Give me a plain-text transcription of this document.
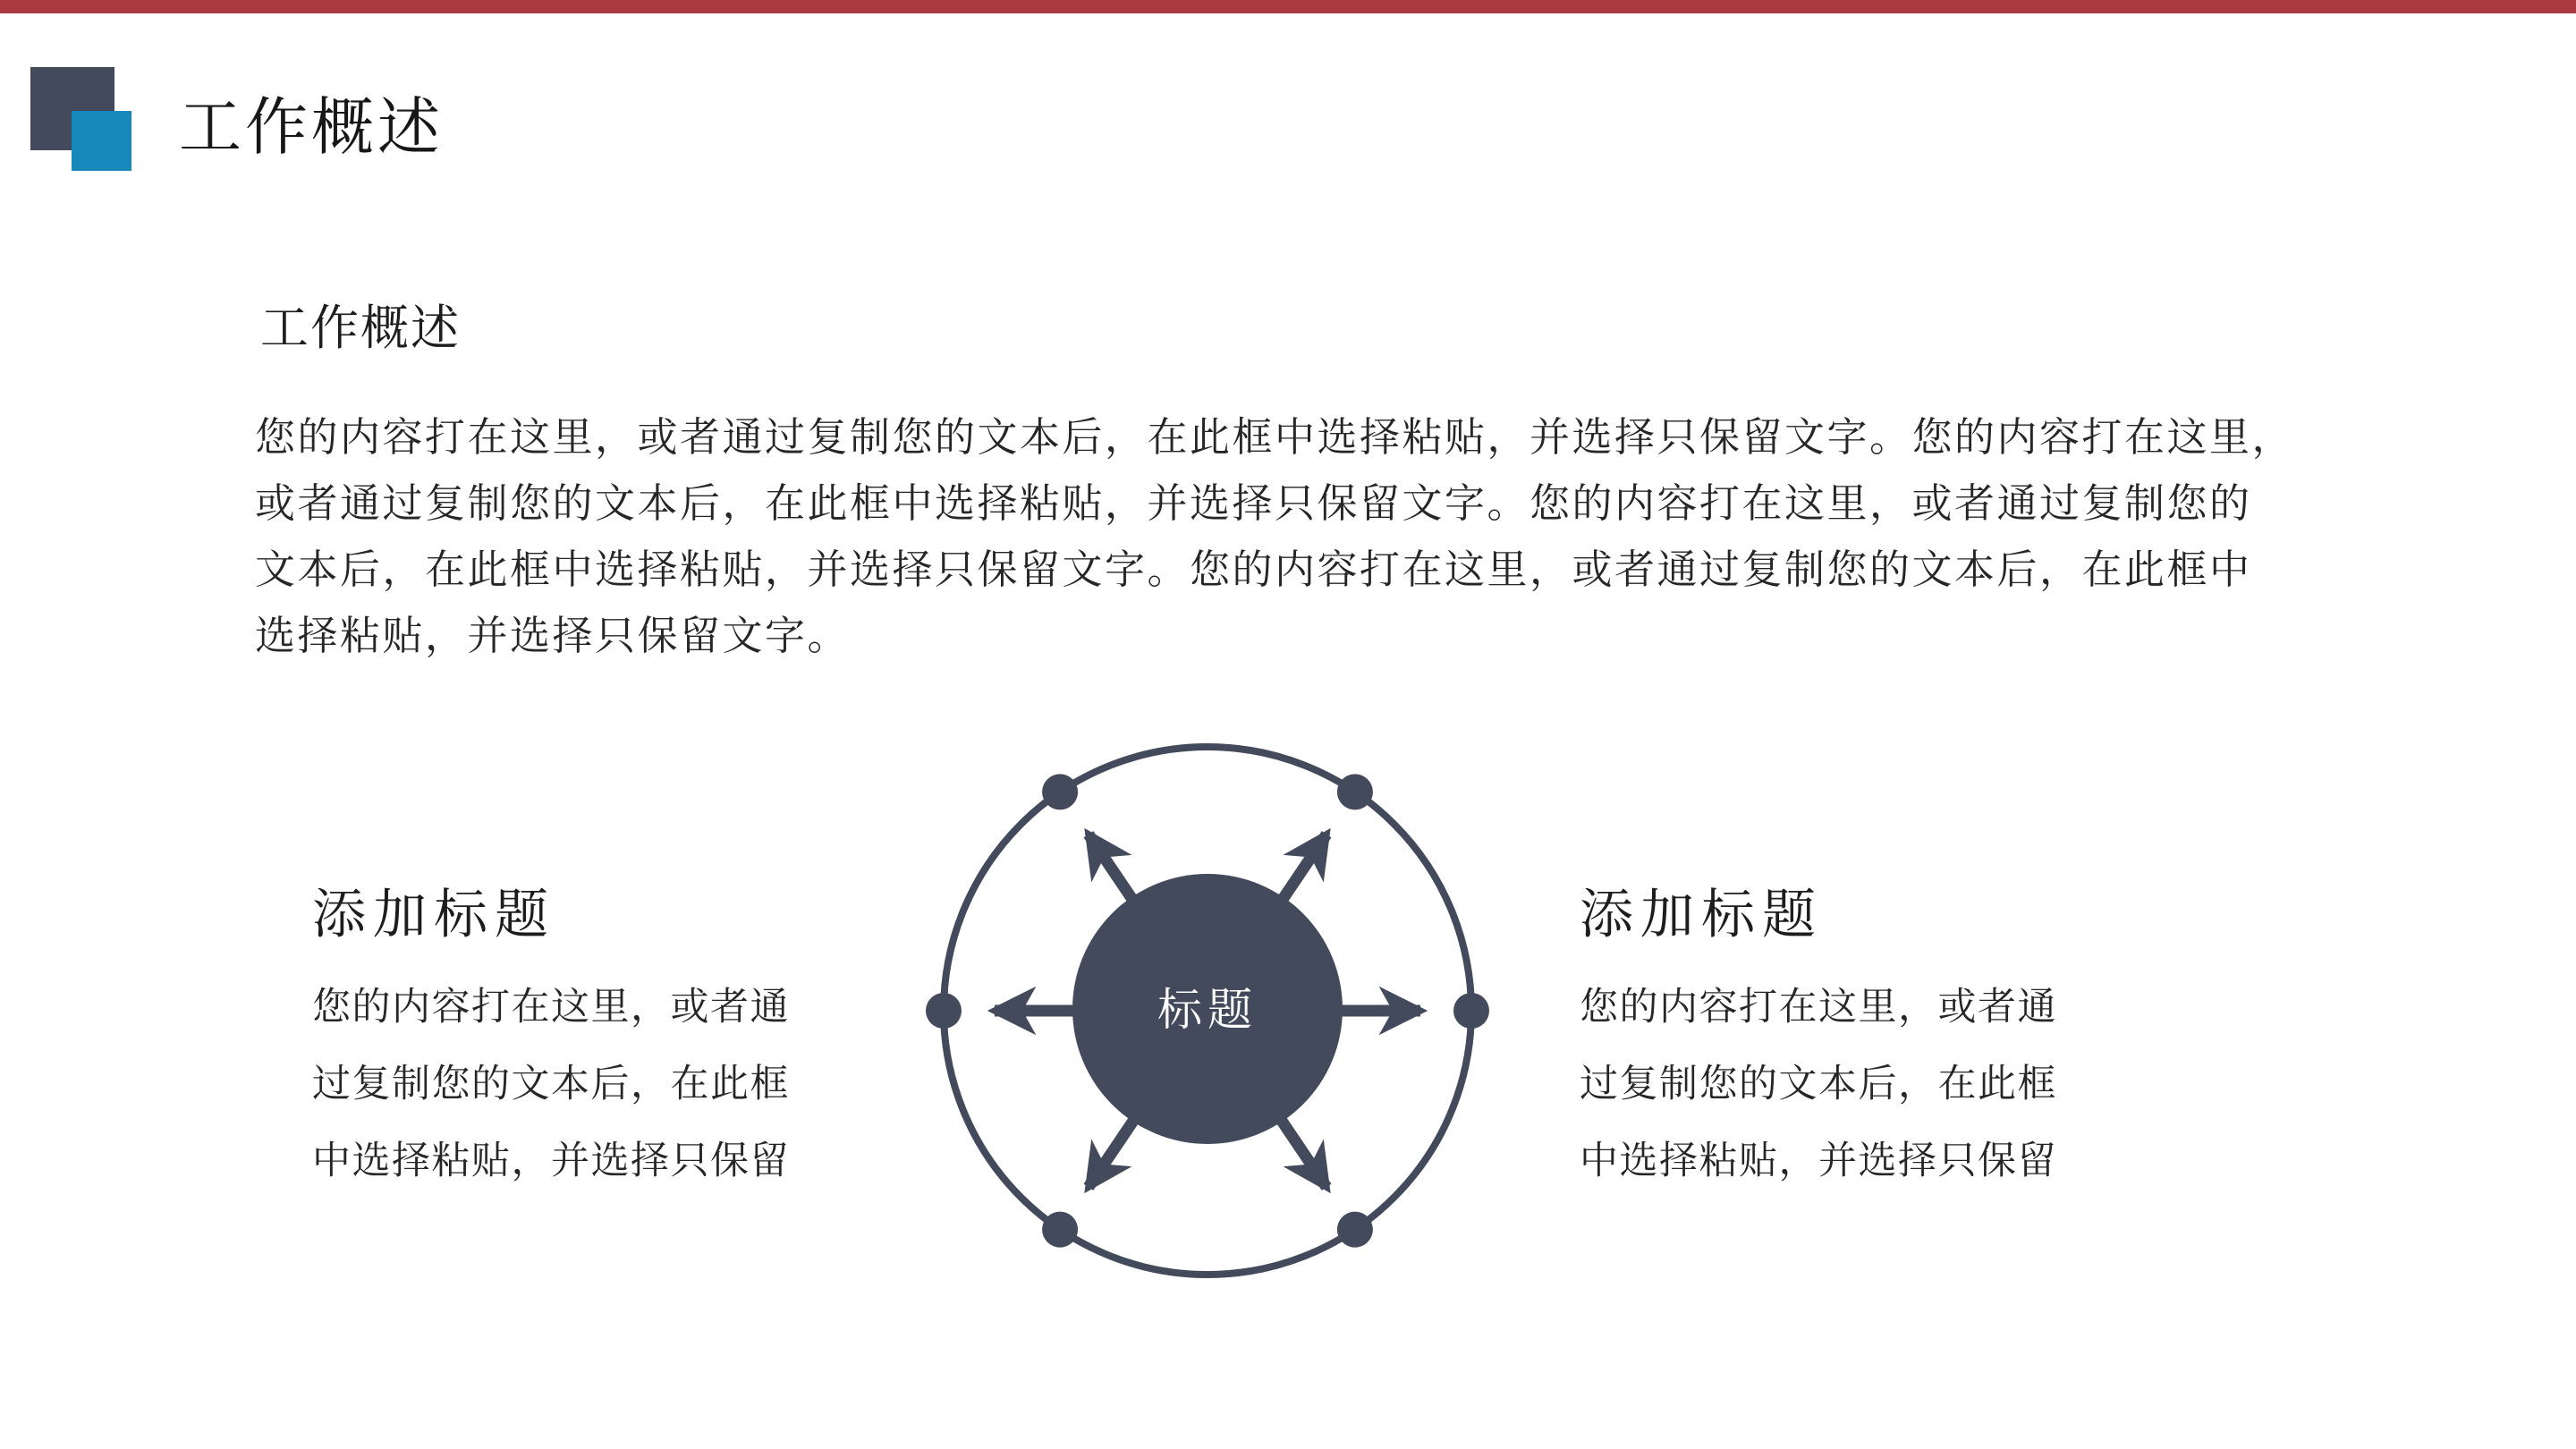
工作概述
工作概述
您的内容打在这里，或者通过复制您的文本后，在此框中选择粘贴，并选择只保留文字。您的内容打在这里，
或者通过复制您的文本后，在此框中选择粘贴，并选择只保留文字。您的内容打在这里，或者通过复制您的
文本后，在此框中选择粘贴，并选择只保留文字。您的内容打在这里，或者通过复制您的文本后，在此框中
选择粘贴，并选择只保留文字。
标题
添加标题
您的内容打在这里，或者通
过复制您的文本后，在此框
中选择粘贴，并选择只保留
添加标题
您的内容打在这里，或者通
过复制您的文本后，在此框
中选择粘贴，并选择只保留
